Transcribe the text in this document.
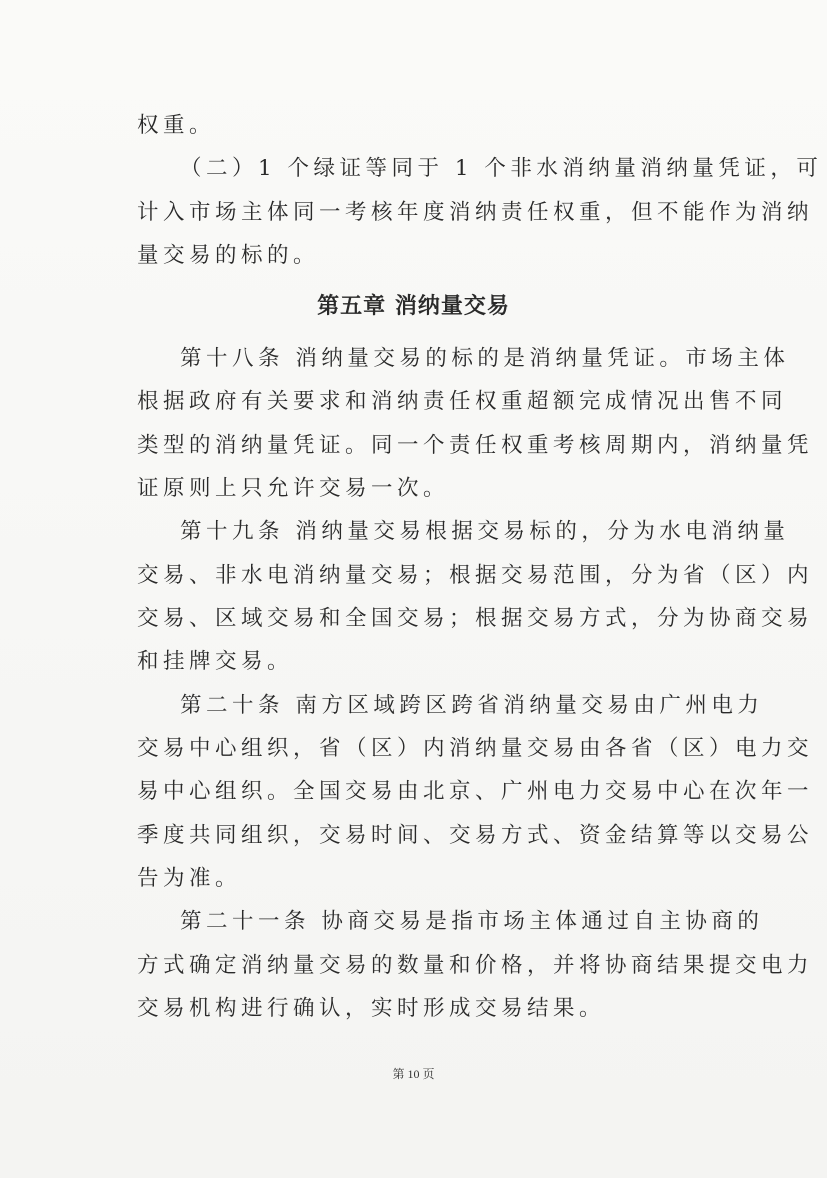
权重。
（二）1 个绿证等同于 1 个非水消纳量消纳量凭证，可
计入市场主体同一考核年度消纳责任权重，但不能作为消纳
量交易的标的。
第五章 消纳量交易
第十八条 消纳量交易的标的是消纳量凭证。市场主体
根据政府有关要求和消纳责任权重超额完成情况出售不同
类型的消纳量凭证。同一个责任权重考核周期内，消纳量凭
证原则上只允许交易一次。
第十九条 消纳量交易根据交易标的，分为水电消纳量
交易、非水电消纳量交易；根据交易范围，分为省（区）内
交易、区域交易和全国交易；根据交易方式，分为协商交易
和挂牌交易。
第二十条 南方区域跨区跨省消纳量交易由广州电力
交易中心组织，省（区）内消纳量交易由各省（区）电力交
易中心组织。全国交易由北京、广州电力交易中心在次年一
季度共同组织，交易时间、交易方式、资金结算等以交易公
告为准。
第二十一条 协商交易是指市场主体通过自主协商的
方式确定消纳量交易的数量和价格，并将协商结果提交电力
交易机构进行确认，实时形成交易结果。
第 10 页
